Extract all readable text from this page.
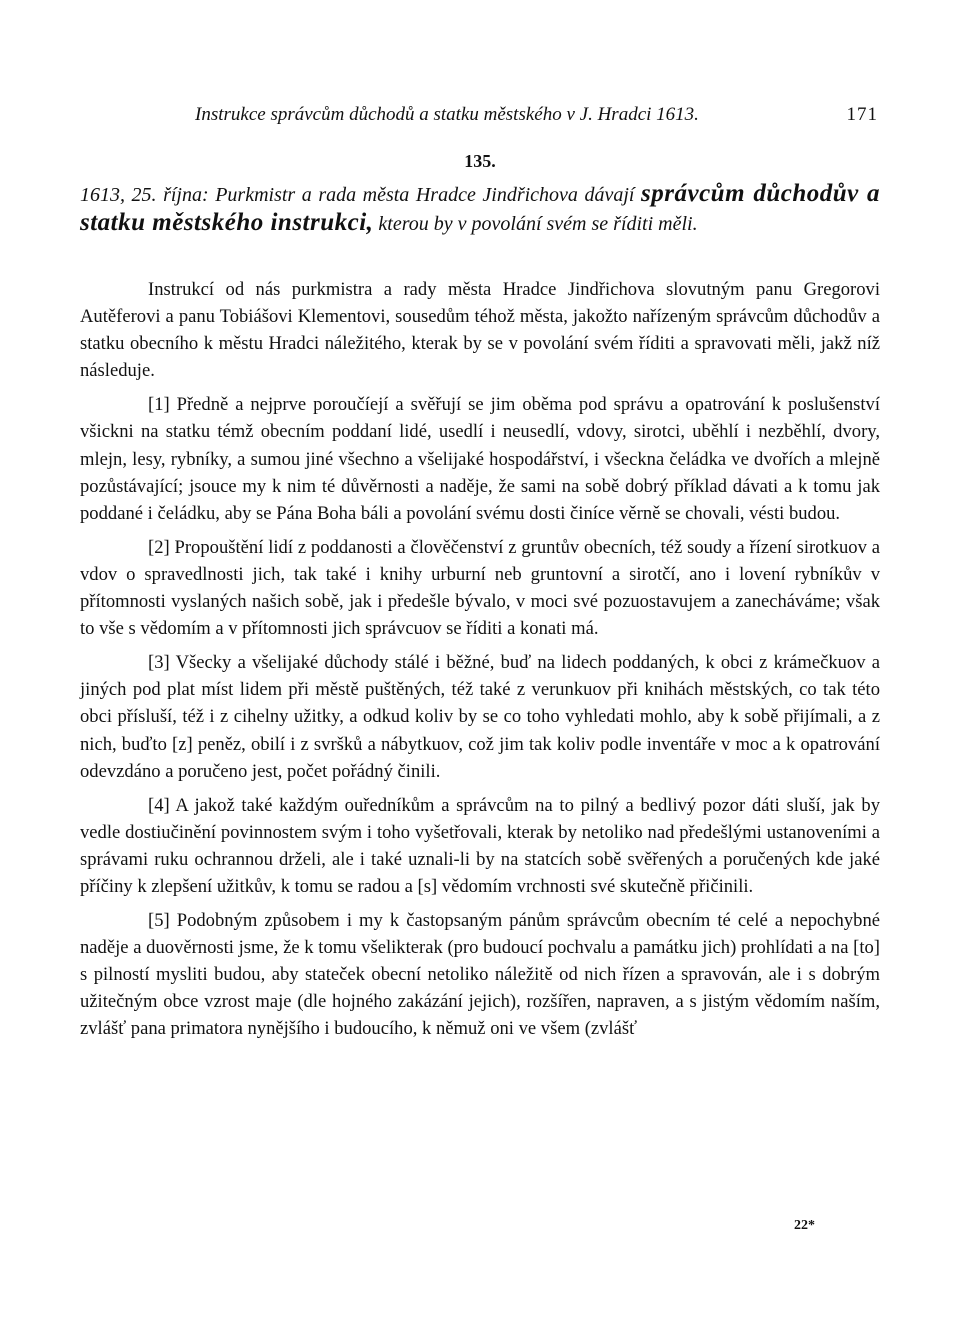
Instrukce správcům důchodů a statku městského v J. Hradci 1613.	171
135.
1613, 25. října: Purkmistr a rada města Hradce Jindřichova dávají správcům důchodův a statku městského instrukci, kterou by v povolání svém se říditi měli.

Instrukcí od nás purkmistra a rady města Hradce Jindřichova slovutným panu Gregorovi Autěferovi a panu Tobiášovi Klementovi, sousedům téhož města, jakožto nařízeným správcům důchodův a statku obecního k městu Hradci náležitého, kterak by se v povolání svém říditi a spravovati měli, jakž níž následuje.

[1] Předně a nejprve poroučíejí a svěřují se jim oběma pod správu a opatrování k poslušenství všickni na statku témž obecním poddaní lidé, usedlí i neusedlí, vdovy, sirotci, uběhlí i nezběhlí, dvory, mlejn, lesy, rybníky, a sumou jiné všechno a všelijaké hospodářství, i všeckna čeládka ve dvořích a mlejně pozůstávající; jsouce my k nim té důvěrnosti a naděje, že sami na sobě dobrý příklad dávati a k tomu jak poddané i čeládku, aby se Pána Boha báli a povolání svému dosti činíce věrně se chovali, vésti budou.

[2] Propouštění lidí z poddanosti a člověčenství z gruntův obecních, též soudy a řízení sirotkuov a vdov o spravedlnosti jich, tak také i knihy urburní neb gruntovní a sirotčí, ano i lovení rybníkův v přítomnosti vyslaných našich sobě, jak i předešle bývalo, v moci své pozuostavujem a zanecháváme; však to vše s vědomím a v přítomnosti jich správcuov se říditi a konati má.

[3] Všecky a všelijaké důchody stálé i běžné, buď na lidech poddaných, k obci z krámečkuov a jiných pod plat míst lidem při městě puštěných, též také z verunkuov při knihách městských, co tak této obci přísluší, též i z cihelny užitky, a odkud koliv by se co toho vyhledati mohlo, aby k sobě přijímali, a z nich, buďto [z] peněz, obilí i z svršků a nábytkuov, což jim tak koliv podle inventáře v moc a k opatrování odevzdáno a poručeno jest, počet pořádný činili.

[4] A jakož také každým ouředníkům a správcům na to pilný a bedlivý pozor dáti sluší, jak by vedle dostiučinění povinnostem svým i toho vyšetřovali, kterak by netoliko nad předešlými ustanoveními a správami ruku ochrannou drželi, ale i také uznali-li by na statcích sobě svěřených a poručených kde jaké příčiny k zlepšení užitkův, k tomu se radou a [s] vědomím vrchnosti své skutečně přičinili.

[5] Podobným způsobem i my k častopsaným pánům správcům obecním té celé a nepochybné naděje a duověrnosti jsme, že k tomu všelikterak (pro budoucí pochvalu a památku jich) prohlídati a na [to] s pilností mysliti budou, aby statеček obecní netoliko náležitě od nich řízen a spravován, ale i s dobrým užitečným obce vzrost maje (dle hojného zakázání jejich), rozšířen, napraven, a s jistým vědomím naším, zvlášť pana primatora nynějšího i budoucího, k němuž oni ve všem (zvlášť

22*
